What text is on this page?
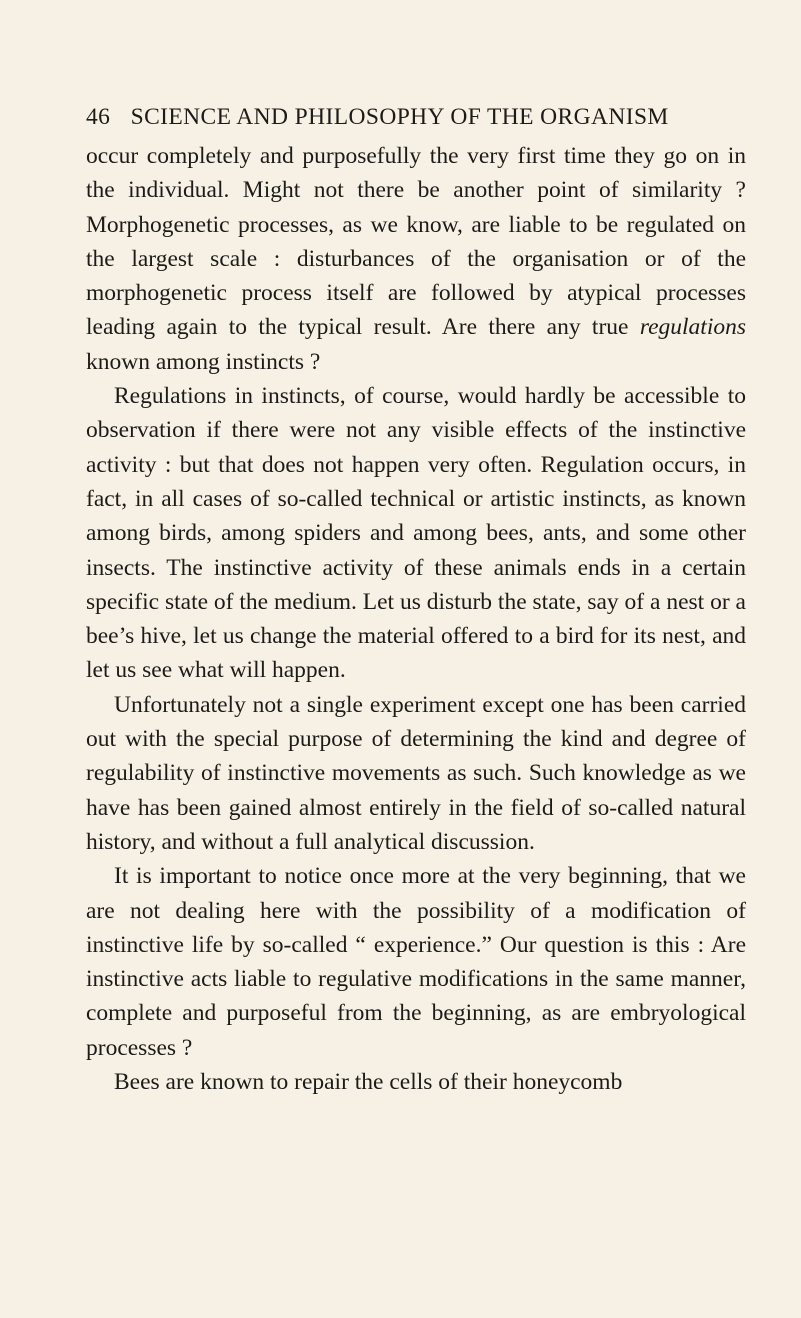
46 SCIENCE AND PHILOSOPHY OF THE ORGANISM

occur completely and purposefully the very first time they go on in the individual. Might not there be another point of similarity ? Morphogenetic processes, as we know, are liable to be regulated on the largest scale : disturbances of the organisation or of the morphogenetic process itself are followed by atypical processes leading again to the typical result. Are there any true regulations known among instincts ?

Regulations in instincts, of course, would hardly be accessible to observation if there were not any visible effects of the instinctive activity : but that does not happen very often. Regulation occurs, in fact, in all cases of so-called technical or artistic instincts, as known among birds, among spiders and among bees, ants, and some other insects. The instinctive activity of these animals ends in a certain specific state of the medium. Let us disturb the state, say of a nest or a bee’s hive, let us change the material offered to a bird for its nest, and let us see what will happen.

Unfortunately not a single experiment except one has been carried out with the special purpose of determining the kind and degree of regulability of instinctive movements as such. Such knowledge as we have has been gained almost entirely in the field of so-called natural history, and without a full analytical discussion.

It is important to notice once more at the very beginning, that we are not dealing here with the possibility of a modification of instinctive life by so-called “ experience.” Our question is this : Are instinctive acts liable to regulative modifications in the same manner, complete and purposeful from the beginning, as are embryological processes ?

Bees are known to repair the cells of their honeycomb
